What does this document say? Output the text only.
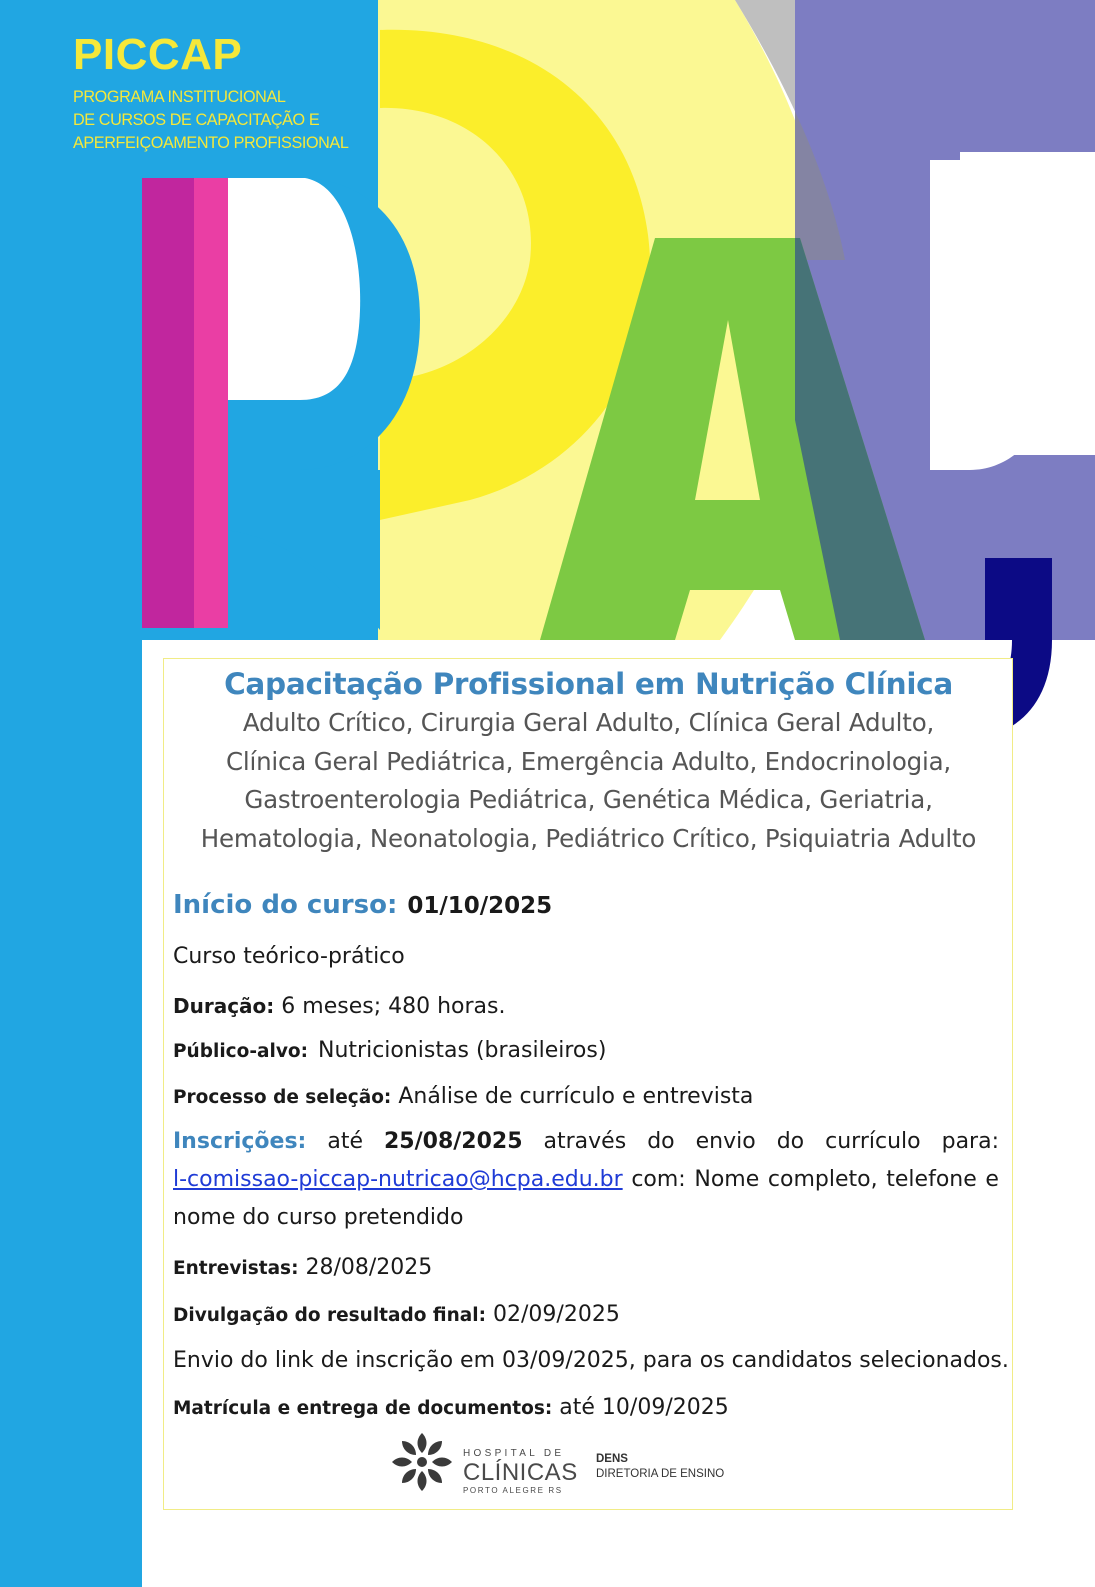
PICCAP
PROGRAMA INSTITUCIONAL
DE CURSOS DE CAPACITAÇÃO E
APERFEIÇOAMENTO PROFISSIONAL
Capacitação Profissional em Nutrição Clínica
Adulto Crítico, Cirurgia Geral Adulto, Clínica Geral Adulto,
Clínica Geral Pediátrica, Emergência Adulto, Endocrinologia,
Gastroenterologia Pediátrica, Genética Médica, Geriatria,
Hematologia, Neonatologia, Pediátrico Crítico, Psiquiatria Adulto
Início do curso: 01/10/2025
Curso teórico-prático
Duração: 6 meses; 480 horas.
Público-alvo: Nutricionistas (brasileiros)
Processo de seleção: Análise de currículo e entrevista
Inscrições: até 25/08/2025 através do envio do currículo para:
l-comissao-piccap-nutricao@hcpa.edu.br com: Nome completo, telefone e
nome do curso pretendido
Entrevistas: 28/08/2025
Divulgação do resultado final: 02/09/2025
Envio do link de inscrição em 03/09/2025, para os candidatos selecionados.
Matrícula e entrega de documentos: até 10/09/2025
HOSPITAL DE
CLÍNICAS
PORTO ALEGRE RS
DENS
DIRETORIA DE ENSINO
